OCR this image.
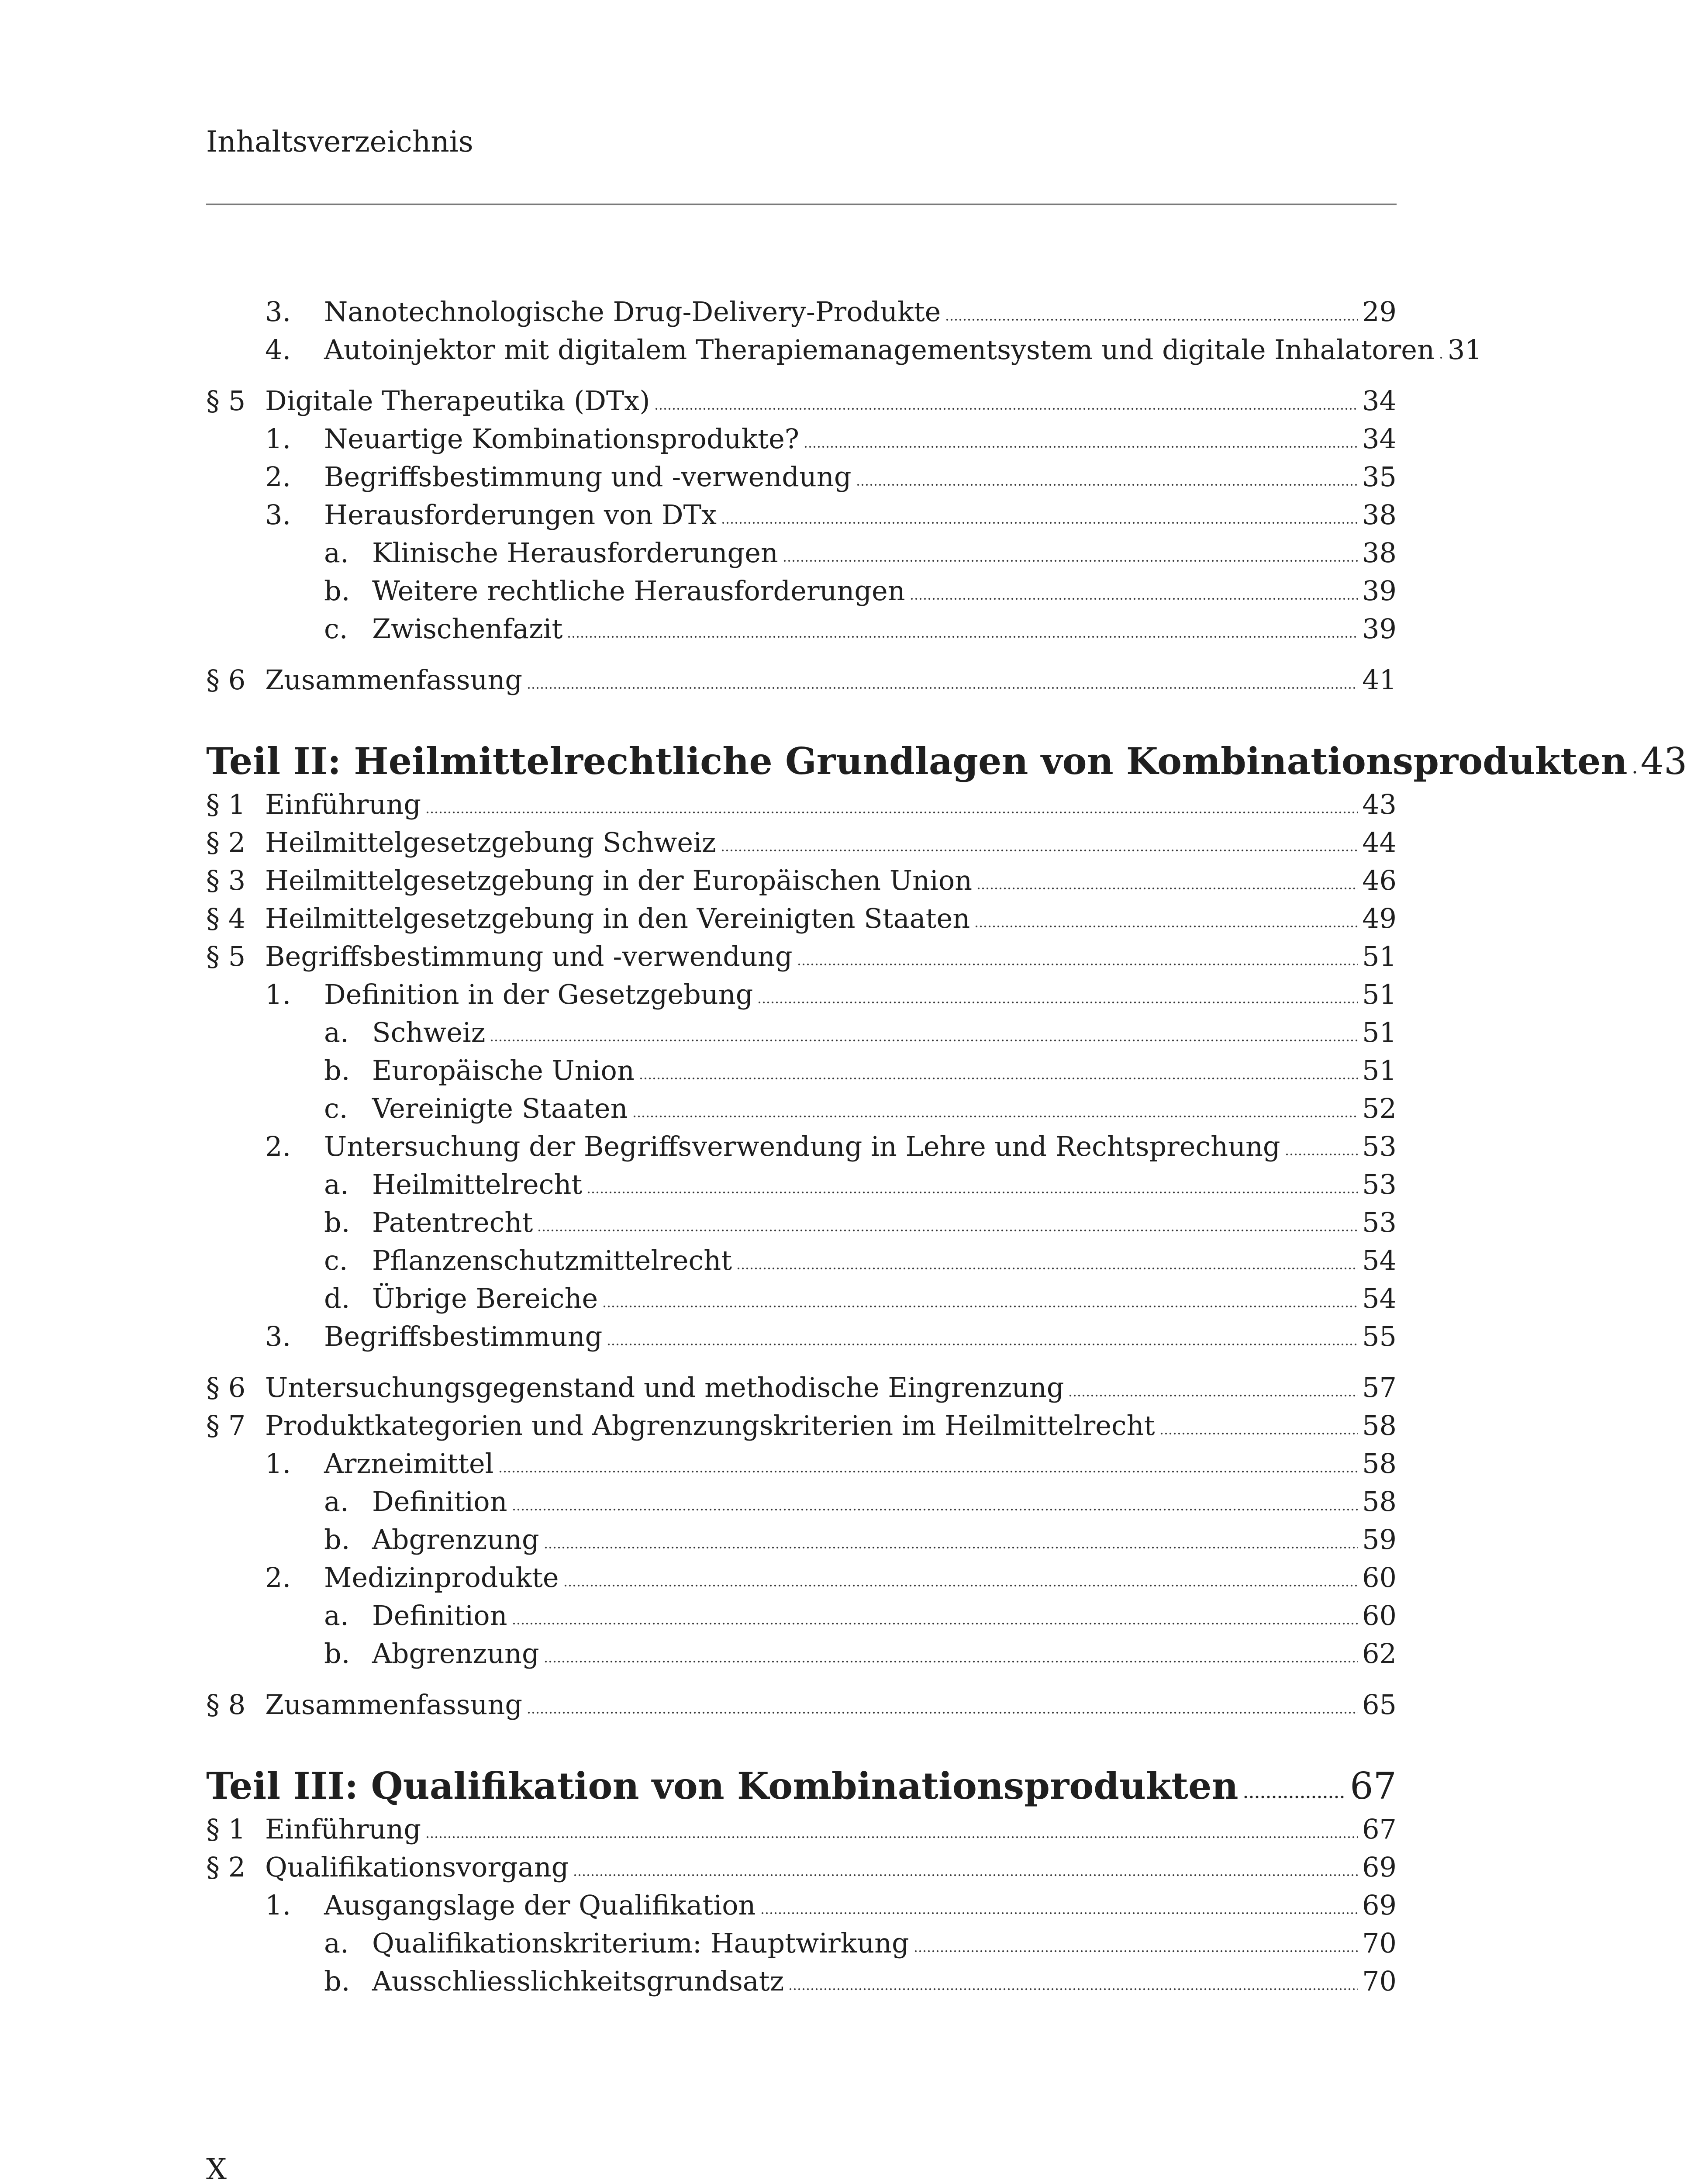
Inhaltsverzeichnis
3.	Nanotechnologische Drug-Delivery-Produkte	29
4.	Autoinjektor mit digitalem Therapiemanagementsystem und digitale Inhalatoren 31
§ 5 Digitale Therapeutika (DTx)	34
1.	Neuartige Kombinationsprodukte?	34
2.	Begriffsbestimmung und -verwendung	35
3.	Herausforderungen von DTx	38
a. Klinische Herausforderungen	38
b. Weitere rechtliche Herausforderungen	39
c. Zwischenfazit	39
§ 6 Zusammenfassung	41
Teil II: Heilmittelrechtliche Grundlagen von Kombinationsprodukten 43
§ 1 Einführung	43
§ 2 Heilmittelgesetzgebung Schweiz	44
§ 3 Heilmittelgesetzgebung in der Europäischen Union	46
§ 4 Heilmittelgesetzgebung in den Vereinigten Staaten	49
§ 5 Begriffsbestimmung und -verwendung	51
1.	Definition in der Gesetzgebung	51
a. Schweiz	51
b. Europäische Union	51
c. Vereinigte Staaten	52
2.	Untersuchung der Begriffsverwendung in Lehre und Rechtsprechung	53
a. Heilmittelrecht	53
b. Patentrecht	53
c. Pflanzenschutzmittelrecht	54
d. Übrige Bereiche	54
3.	Begriffsbestimmung	55
§ 6 Untersuchungsgegenstand und methodische Eingrenzung	57
§ 7 Produktkategorien und Abgrenzungskriterien im Heilmittelrecht	58
1.	Arzneimittel	58
a. Definition	58
b. Abgrenzung	59
2.	Medizinprodukte	60
a. Definition	60
b. Abgrenzung	62
§ 8 Zusammenfassung	65
Teil III: Qualifikation von Kombinationsprodukten	67
§ 1 Einführung	67
§ 2 Qualifikationsvorgang	69
1.	Ausgangslage der Qualifikation	69
a. Qualifikationskriterium: Hauptwirkung	70
b. Ausschliesslichkeitsgrundsatz	70
X
